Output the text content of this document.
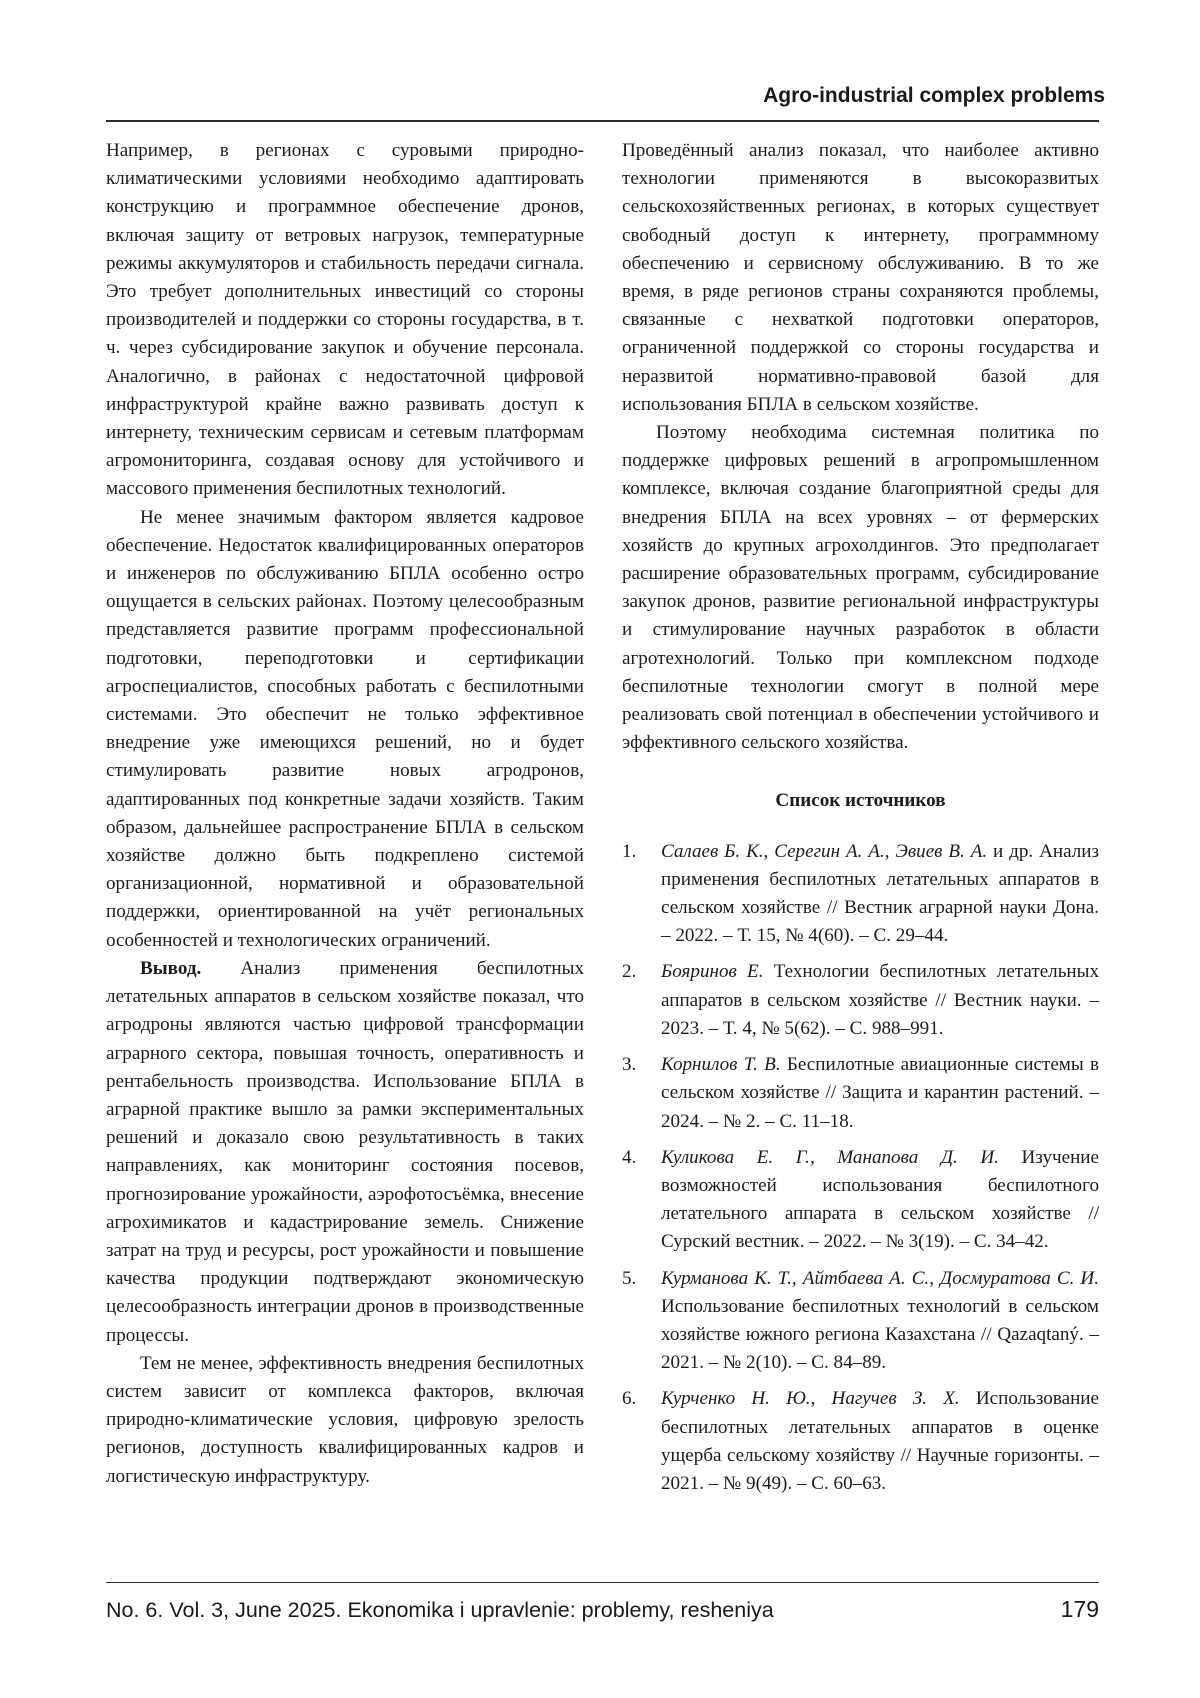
Agro-industrial complex problems

Например, в регионах с суровыми природно-климатическими условиями необходимо адаптировать конструкцию и программное обеспечение дронов, включая защиту от ветровых нагрузок, температурные режимы аккумуляторов и стабильность передачи сигнала. Это требует дополнительных инвестиций со стороны производителей и поддержки со стороны государства, в т. ч. через субсидирование закупок и обучение персонала. Аналогично, в районах с недостаточной цифровой инфраструктурой крайне важно развивать доступ к интернету, техническим сервисам и сетевым платформам агромониторинга, создавая основу для устойчивого и массового применения беспилотных технологий.

Не менее значимым фактором является кадровое обеспечение. Недостаток квалифицированных операторов и инженеров по обслуживанию БПЛА особенно остро ощущается в сельских районах. Поэтому целесообразным представляется развитие программ профессиональной подготовки, переподготовки и сертификации агроспециалистов, способных работать с беспилотными системами. Это обеспечит не только эффективное внедрение уже имеющихся решений, но и будет стимулировать развитие новых агродронов, адаптированных под конкретные задачи хозяйств. Таким образом, дальнейшее распространение БПЛА в сельском хозяйстве должно быть подкреплено системой организационной, нормативной и образовательной поддержки, ориентированной на учёт региональных особенностей и технологических ограничений.

Вывод. Анализ применения беспилотных летательных аппаратов в сельском хозяйстве показал, что агродроны являются частью цифровой трансформации аграрного сектора, повышая точность, оперативность и рентабельность производства. Использование БПЛА в аграрной практике вышло за рамки экспериментальных решений и доказало свою результативность в таких направлениях, как мониторинг состояния посевов, прогнозирование урожайности, аэрофотосъёмка, внесение агрохимикатов и кадастрирование земель. Снижение затрат на труд и ресурсы, рост урожайности и повышение качества продукции подтверждают экономическую целесообразность интеграции дронов в производственные процессы.

Тем не менее, эффективность внедрения беспилотных систем зависит от комплекса факторов, включая природно-климатические условия, цифровую зрелость регионов, доступность квалифицированных кадров и логистическую инфраструктуру.

Проведённый анализ показал, что наиболее активно технологии применяются в высокоразвитых сельскохозяйственных регионах, в которых существует свободный доступ к интернету, программному обеспечению и сервисному обслуживанию. В то же время, в ряде регионов страны сохраняются проблемы, связанные с нехваткой подготовки операторов, ограниченной поддержкой со стороны государства и неразвитой нормативно-правовой базой для использования БПЛА в сельском хозяйстве.

Поэтому необходима системная политика по поддержке цифровых решений в агропромышленном комплексе, включая создание благоприятной среды для внедрения БПЛА на всех уровнях – от фермерских хозяйств до крупных агрохолдингов. Это предполагает расширение образовательных программ, субсидирование закупок дронов, развитие региональной инфраструктуры и стимулирование научных разработок в области агротехнологий. Только при комплексном подходе беспилотные технологии смогут в полной мере реализовать свой потенциал в обеспечении устойчивого и эффективного сельского хозяйства.

Список источников
1. Салаев Б. К., Серегин А. А., Эвиев В. А. и др. Анализ применения беспилотных летательных аппаратов в сельском хозяйстве // Вестник аграрной науки Дона. – 2022. – Т. 15, № 4(60). – С. 29–44.
2. Бояринов Е. Технологии беспилотных летательных аппаратов в сельском хозяйстве // Вестник науки. – 2023. – Т. 4, № 5(62). – С. 988–991.
3. Корнилов Т. В. Беспилотные авиационные системы в сельском хозяйстве // Защита и карантин растений. – 2024. – № 2. – С. 11–18.
4. Куликова Е. Г., Манапова Д. И. Изучение возможностей использования беспилотного летательного аппарата в сельском хозяйстве // Сурский вестник. – 2022. – № 3(19). – С. 34–42.
5. Курманова К. Т., Айтбаева А. С., Досмуратова С. И. Использование беспилотных технологий в сельском хозяйстве южного региона Казахстана // Qazaqtaný. – 2021. – № 2(10). – С. 84–89.
6. Курченко Н. Ю., Нагучев З. Х. Использование беспилотных летательных аппаратов в оценке ущерба сельскому хозяйству // Научные горизонты. – 2021. – № 9(49). – С. 60–63.
No. 6. Vol. 3, June 2025. Ekonomika i upravlenie: problemy, resheniya	179
